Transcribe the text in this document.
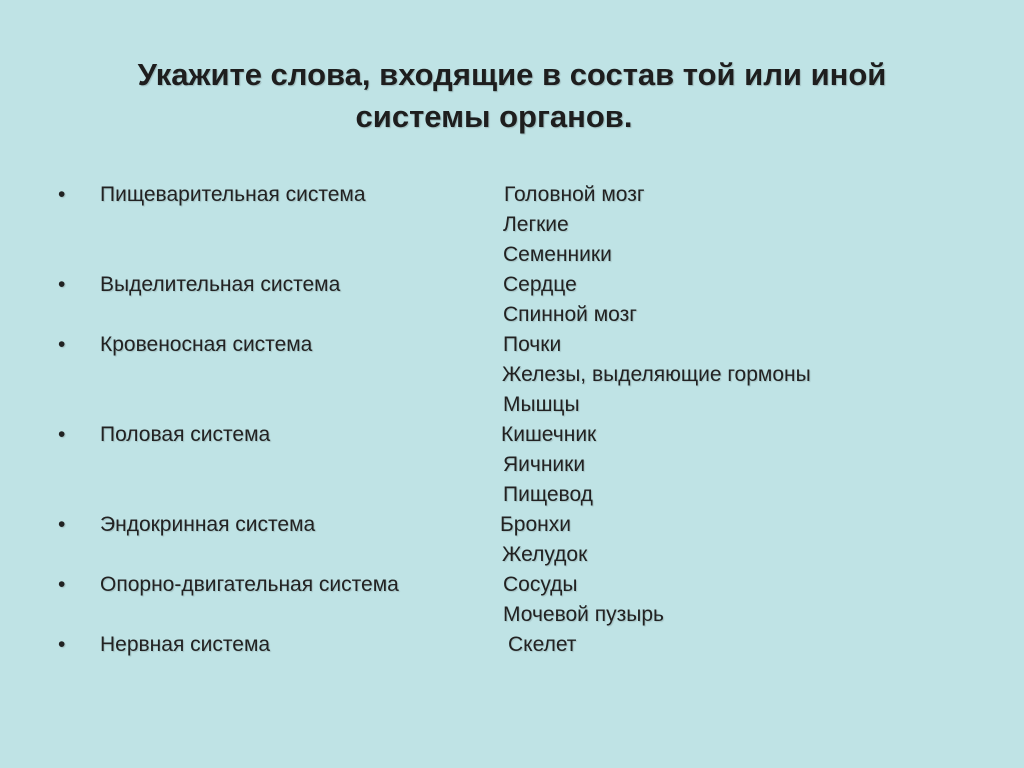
Укажите слова, входящие в состав той или иной
системы органов.
• Пищеварительная система
• Выделительная система
• Кровеносная система
• Половая система
• Эндокринная система
• Опорно-двигательная система
• Нервная система
Головной мозг
Легкие
Семенники
Сердце
Спинной мозг
Почки
Железы, выделяющие гормоны
Мышцы
Кишечник
Яичники
Пищевод
Бронхи
Желудок
Сосуды
Мочевой пузырь
Скелет
